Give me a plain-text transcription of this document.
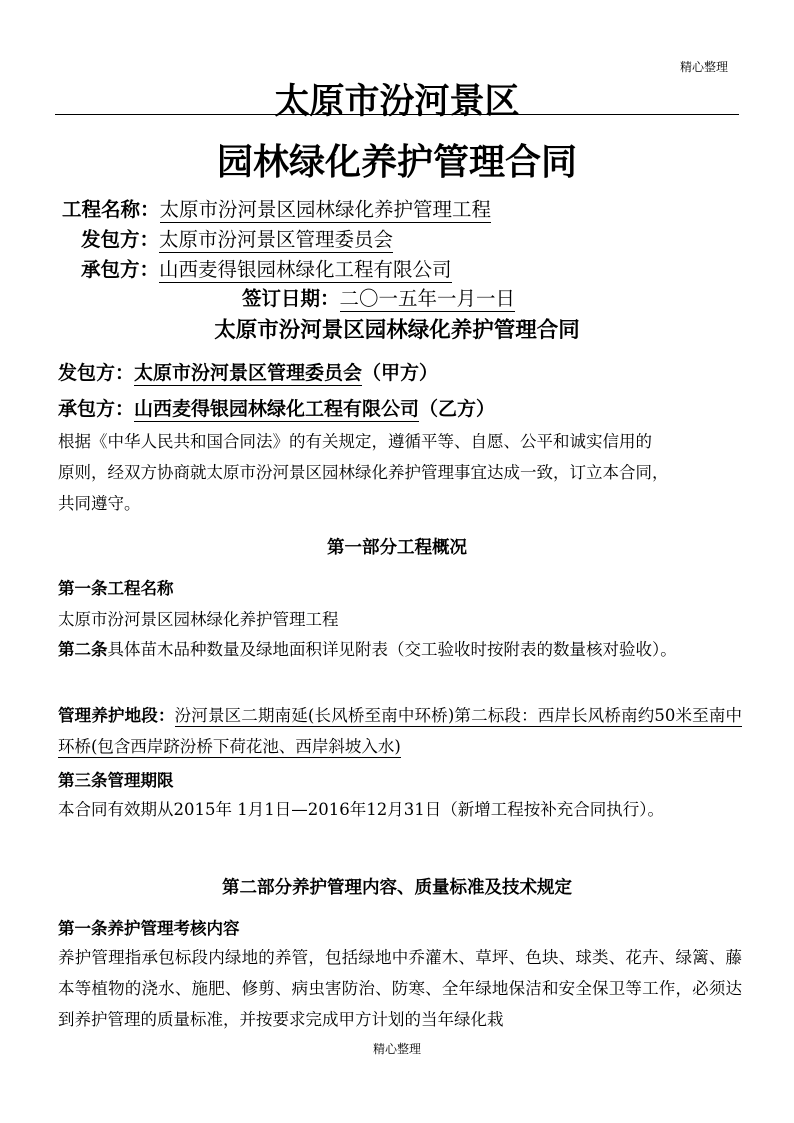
精心整理
太原市汾河景区
园林绿化养护管理合同
工程名称：太原市汾河景区园林绿化养护管理工程
发包方：太原市汾河景区管理委员会
承包方：山西麦得银园林绿化工程有限公司
签订日期：二〇一五年一月一日
太原市汾河景区园林绿化养护管理合同
发包方：太原市汾河景区管理委员会（甲方）
承包方：山西麦得银园林绿化工程有限公司（乙方）
根据《中华人民共和国合同法》的有关规定，遵循平等、自愿、公平和诚实信用的
原则，经双方协商就太原市汾河景区园林绿化养护管理事宜达成一致，订立本合同，
共同遵守。
第一部分工程概况
第一条工程名称
太原市汾河景区园林绿化养护管理工程
第二条具体苗木品种数量及绿地面积详见附表（交工验收时按附表的数量核对验收）。
管理养护地段：汾河景区二期南延(长风桥至南中环桥)第二标段：西岸长风桥南约50米至南中环桥(包含西岸跻汾桥下荷花池、西岸斜坡入水)
第三条管理期限
本合同有效期从2015年 1月1日—2016年12月31日（新增工程按补充合同执行）。
第二部分养护管理内容、质量标准及技术规定
第一条养护管理考核内容
养护管理指承包标段内绿地的养管，包括绿地中乔灌木、草坪、色块、球类、花卉、绿篱、藤本等植物的浇水、施肥、修剪、病虫害防治、防寒、全年绿地保洁和安全保卫等工作，必须达到养护管理的质量标准，并按要求完成甲方计划的当年绿化栽
精心整理
